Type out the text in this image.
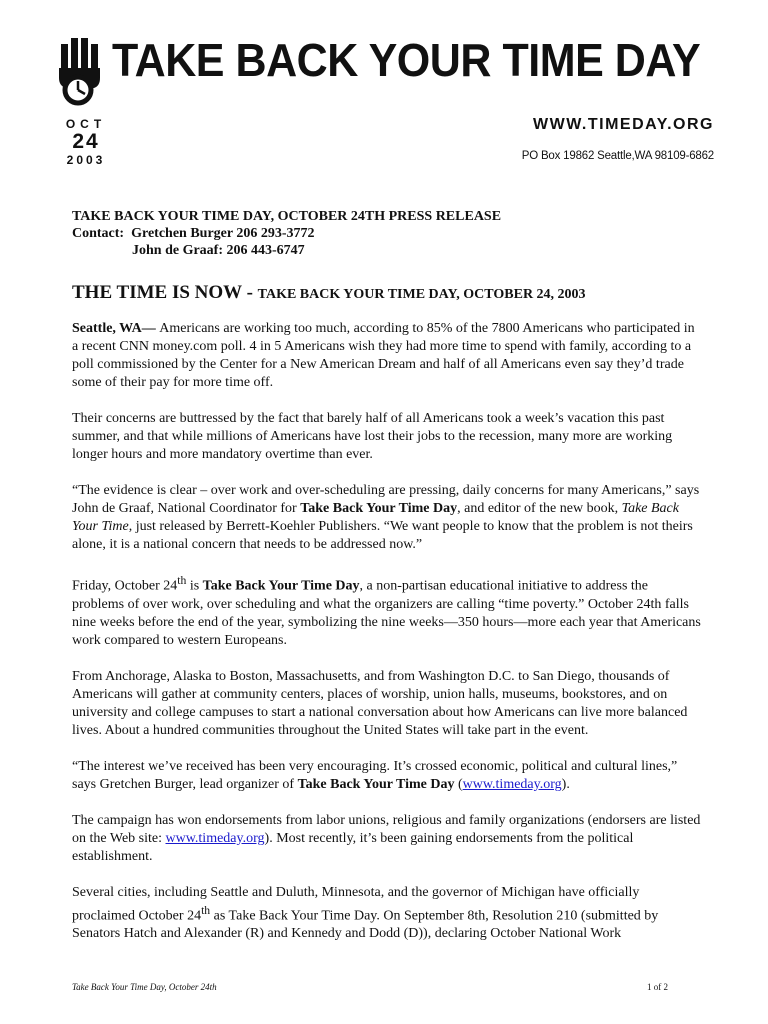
TAKE BACK YOUR TIME DAY
OCT
24
2003
WWW.TIMEDAY.ORG
PO Box 19862 Seattle,WA 98109-6862
TAKE BACK YOUR TIME DAY, OCTOBER 24TH PRESS RELEASE
Contact: Gretchen Burger 206 293-3772
John de Graaf: 206 443-6747
THE TIME IS NOW - TAKE BACK YOUR TIME DAY, OCTOBER 24, 2003

Seattle, WA— Americans are working too much, according to 85% of the 7800 Americans who participated in a recent CNN money.com poll. 4 in 5 Americans wish they had more time to spend with family, according to a poll commissioned by the Center for a New American Dream and half of all Americans even say they’d trade some of their pay for more time off.

Their concerns are buttressed by the fact that barely half of all Americans took a week’s vacation this past summer, and that while millions of Americans have lost their jobs to the recession, many more are working longer hours and more mandatory overtime than ever.

“The evidence is clear – over work and over-scheduling are pressing, daily concerns for many Americans,” says John de Graaf, National Coordinator for Take Back Your Time Day, and editor of the new book, Take Back Your Time, just released by Berrett-Koehler Publishers. “We want people to know that the problem is not theirs alone, it is a national concern that needs to be addressed now.”

Friday, October 24th is Take Back Your Time Day, a non-partisan educational initiative to address the problems of over work, over scheduling and what the organizers are calling “time poverty.” October 24th falls nine weeks before the end of the year, symbolizing the nine weeks—350 hours—more each year that Americans work compared to western Europeans.

From Anchorage, Alaska to Boston, Massachusetts, and from Washington D.C. to San Diego, thousands of Americans will gather at community centers, places of worship, union halls, museums, bookstores, and on university and college campuses to start a national conversation about how Americans can live more balanced lives. About a hundred communities throughout the United States will take part in the event.

“The interest we’ve received has been very encouraging. It’s crossed economic, political and cultural lines,” says Gretchen Burger, lead organizer of Take Back Your Time Day (www.timeday.org).

The campaign has won endorsements from labor unions, religious and family organizations (endorsers are listed on the Web site: www.timeday.org). Most recently, it’s been gaining endorsements from the political establishment.

Several cities, including Seattle and Duluth, Minnesota, and the governor of Michigan have officially proclaimed October 24th as Take Back Your Time Day. On September 8th, Resolution 210 (submitted by Senators Hatch and Alexander (R) and Kennedy and Dodd (D)), declaring October National Work

Take Back Your Time Day, October 24th	1 of 2
